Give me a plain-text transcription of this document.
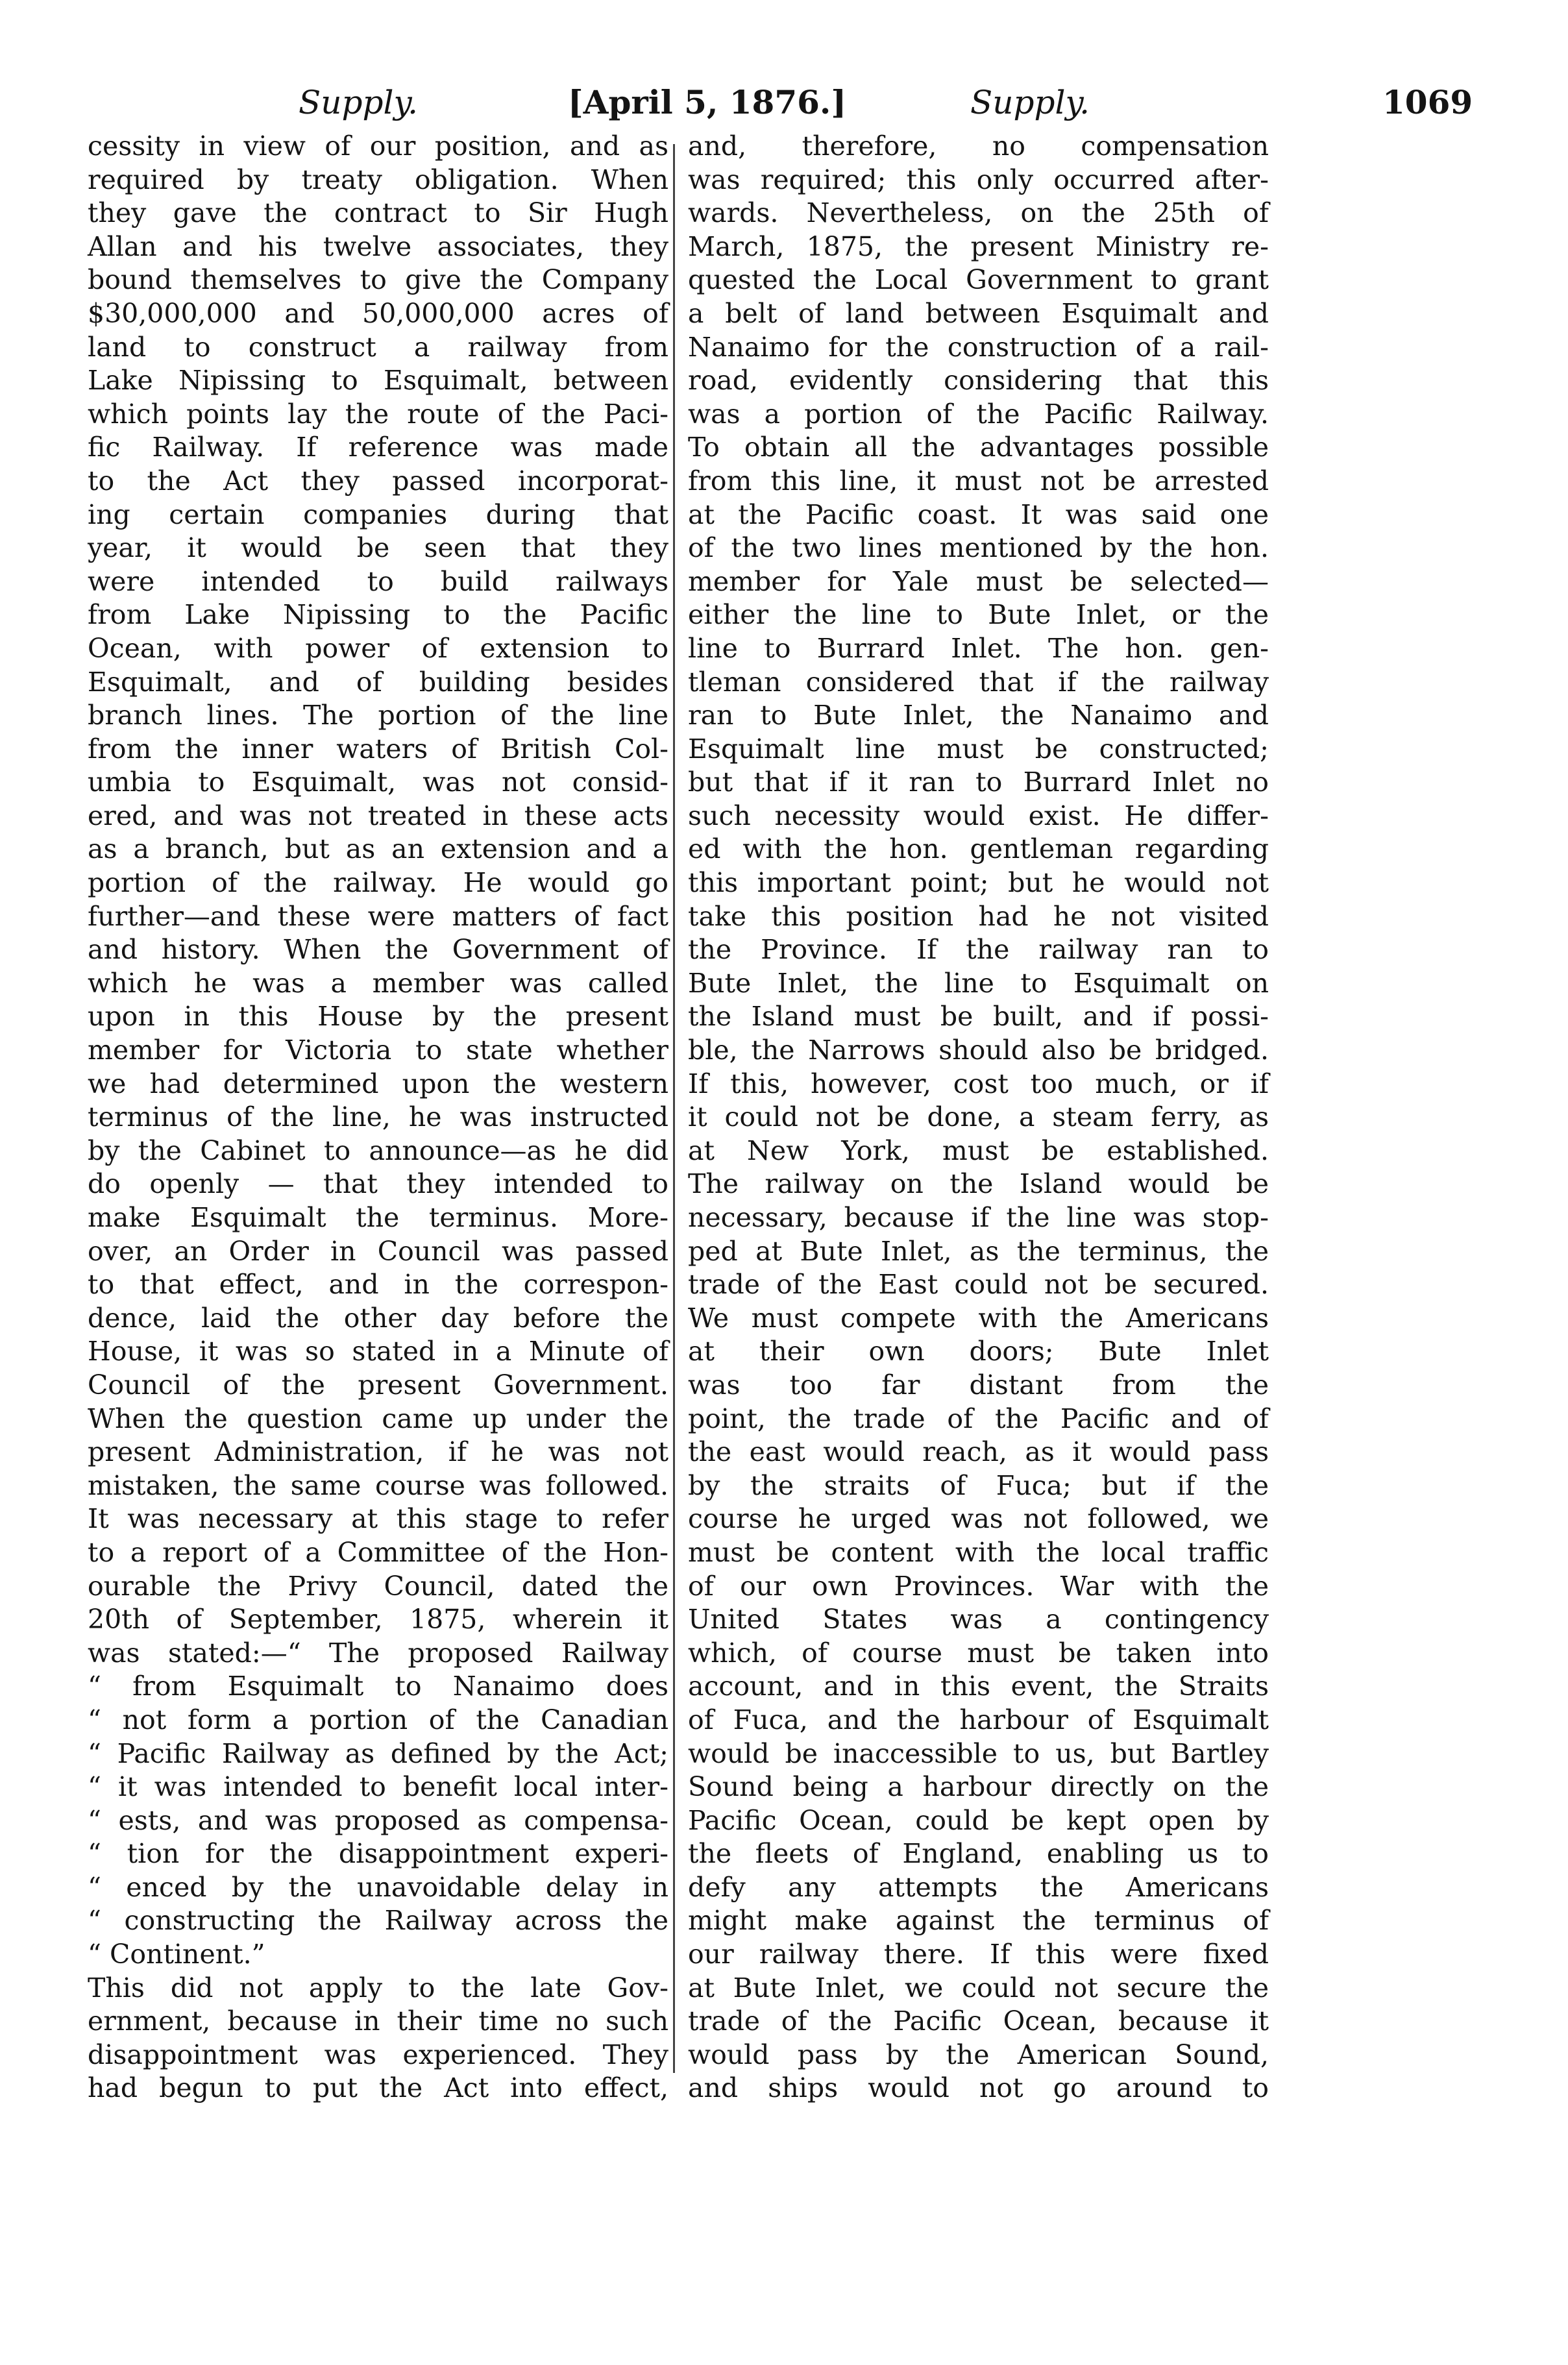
Supply.	[April 5, 1876.]	Supply.	1069
cessity in view of our position, and as
required by treaty obligation. When
they gave the contract to Sir Hugh
Allan and his twelve associates, they
bound themselves to give the Company
$30,000,000 and 50,000,000 acres of
land to construct a railway from
Lake Nipissing to Esquimalt, between
which points lay the route of the Paci-
fic Railway. If reference was made
to the Act they passed incorporat-
ing certain companies during that
year, it would be seen that they
were intended to build railways
from Lake Nipissing to the Pacific
Ocean, with power of extension to
Esquimalt, and of building besides
branch lines. The portion of the line
from the inner waters of British Col-
umbia to Esquimalt, was not consid-
ered, and was not treated in these acts
as a branch, but as an extension and a
portion of the railway. He would go
further—and these were matters of fact
and history. When the Government of
which he was a member was called
upon in this House by the present
member for Victoria to state whether
we had determined upon the western
terminus of the line, he was instructed
by the Cabinet to announce—as he did
do openly — that they intended to
make Esquimalt the terminus. More-
over, an Order in Council was passed
to that effect, and in the correspon-
dence, laid the other day before the
House, it was so stated in a Minute of
Council of the present Government.
When the question came up under the
present Administration, if he was not
mistaken, the same course was followed.
It was necessary at this stage to refer
to a report of a Committee of the Hon-
ourable the Privy Council, dated the
20th of September, 1875, wherein it
was stated:—“ The proposed Railway
“ from Esquimalt to Nanaimo does
“ not form a portion of the Canadian
“ Pacific Railway as defined by the Act;
“ it was intended to benefit local inter-
“ ests, and was proposed as compensa-
“ tion for the disappointment experi-
“ enced by the unavoidable delay in
“ constructing the Railway across the
“ Continent.”
This did not apply to the late Gov-
ernment, because in their time no such
disappointment was experienced. They
had begun to put the Act into effect,
and, therefore, no compensation
was required; this only occurred after-
wards. Nevertheless, on the 25th of
March, 1875, the present Ministry re-
quested the Local Government to grant
a belt of land between Esquimalt and
Nanaimo for the construction of a rail-
road, evidently considering that this
was a portion of the Pacific Railway.
To obtain all the advantages possible
from this line, it must not be arrested
at the Pacific coast. It was said one
of the two lines mentioned by the hon.
member for Yale must be selected—
either the line to Bute Inlet, or the
line to Burrard Inlet. The hon. gen-
tleman considered that if the railway
ran to Bute Inlet, the Nanaimo and
Esquimalt line must be constructed;
but that if it ran to Burrard Inlet no
such necessity would exist. He differ-
ed with the hon. gentleman regarding
this important point; but he would not
take this position had he not visited
the Province. If the railway ran to
Bute Inlet, the line to Esquimalt on
the Island must be built, and if possi-
ble, the Narrows should also be bridged.
If this, however, cost too much, or if
it could not be done, a steam ferry, as
at New York, must be established.
The railway on the Island would be
necessary, because if the line was stop-
ped at Bute Inlet, as the terminus, the
trade of the East could not be secured.
We must compete with the Americans
at their own doors; Bute Inlet
was too far distant from the
point, the trade of the Pacific and of
the east would reach, as it would pass
by the straits of Fuca; but if the
course he urged was not followed, we
must be content with the local traffic
of our own Provinces. War with the
United States was a contingency
which, of course must be taken into
account, and in this event, the Straits
of Fuca, and the harbour of Esquimalt
would be inaccessible to us, but Bartley
Sound being a harbour directly on the
Pacific Ocean, could be kept open by
the fleets of England, enabling us to
defy any attempts the Americans
might make against the terminus of
our railway there. If this were fixed
at Bute Inlet, we could not secure the
trade of the Pacific Ocean, because it
would pass by the American Sound,
and ships would not go around to
